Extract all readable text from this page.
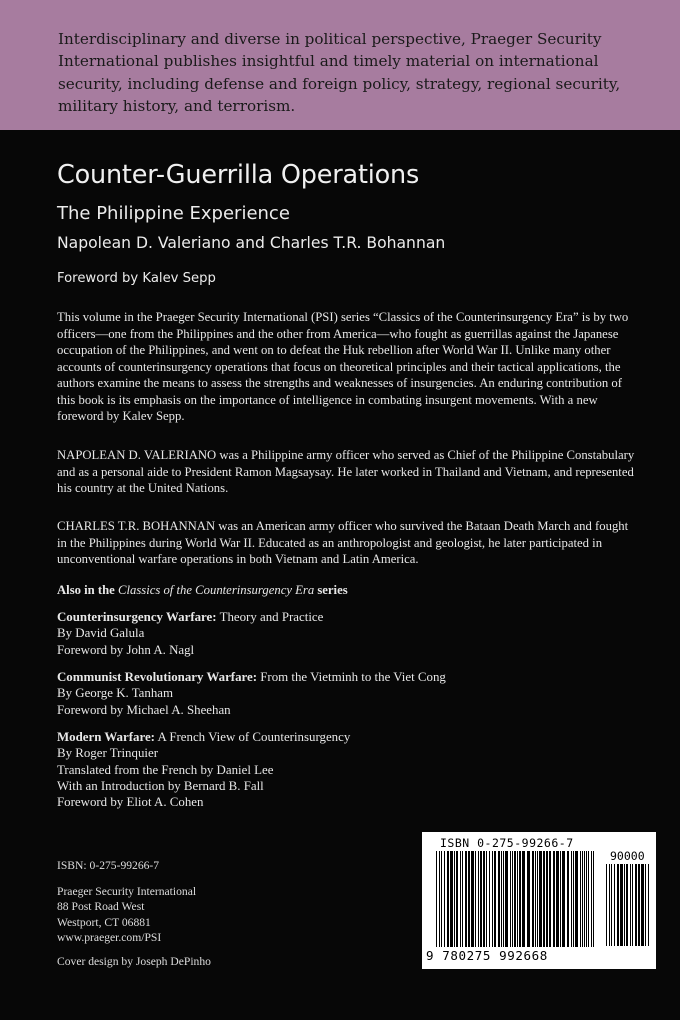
Interdisciplinary and diverse in political perspective, Praeger Security International publishes insightful and timely material on international security, including defense and foreign policy, strategy, regional security, military history, and terrorism.
Counter-Guerrilla Operations
The Philippine Experience
Napolean D. Valeriano and Charles T.R. Bohannan
Foreword by Kalev Sepp

This volume in the Praeger Security International (PSI) series “Classics of the Counterinsurgency Era” is by two officers—one from the Philippines and the other from America—who fought as guerrillas against the Japanese occupation of the Philippines, and went on to defeat the Huk rebellion after World War II. Unlike many other accounts of counterinsurgency operations that focus on theoretical principles and their tactical applications, the authors examine the means to assess the strengths and weaknesses of insurgencies. An enduring contribution of this book is its emphasis on the importance of intelligence in combating insurgent movements. With a new foreword by Kalev Sepp.

NAPOLEAN D. VALERIANO was a Philippine army officer who served as Chief of the Philippine Constabulary and as a personal aide to President Ramon Magsaysay. He later worked in Thailand and Vietnam, and represented his country at the United Nations.

CHARLES T.R. BOHANNAN was an American army officer who survived the Bataan Death March and fought in the Philippines during World War II. Educated as an anthropologist and geologist, he later participated in unconventional warfare operations in both Vietnam and Latin America.

Also in the Classics of the Counterinsurgency Era series
Counterinsurgency Warfare: Theory and Practice
By David Galula
Foreword by John A. Nagl
Communist Revolutionary Warfare: From the Vietminh to the Viet Cong
By George K. Tanham
Foreword by Michael A. Sheehan
Modern Warfare: A French View of Counterinsurgency
By Roger Trinquier
Translated from the French by Daniel Lee
With an Introduction by Bernard B. Fall
Foreword by Eliot A. Cohen
ISBN: 0-275-99266-7
Praeger Security International
88 Post Road West
Westport, CT 06881
www.praeger.com/PSI
Cover design by Joseph DePinho
ISBN 0-275-99266-7
90000
9 780275 992668
